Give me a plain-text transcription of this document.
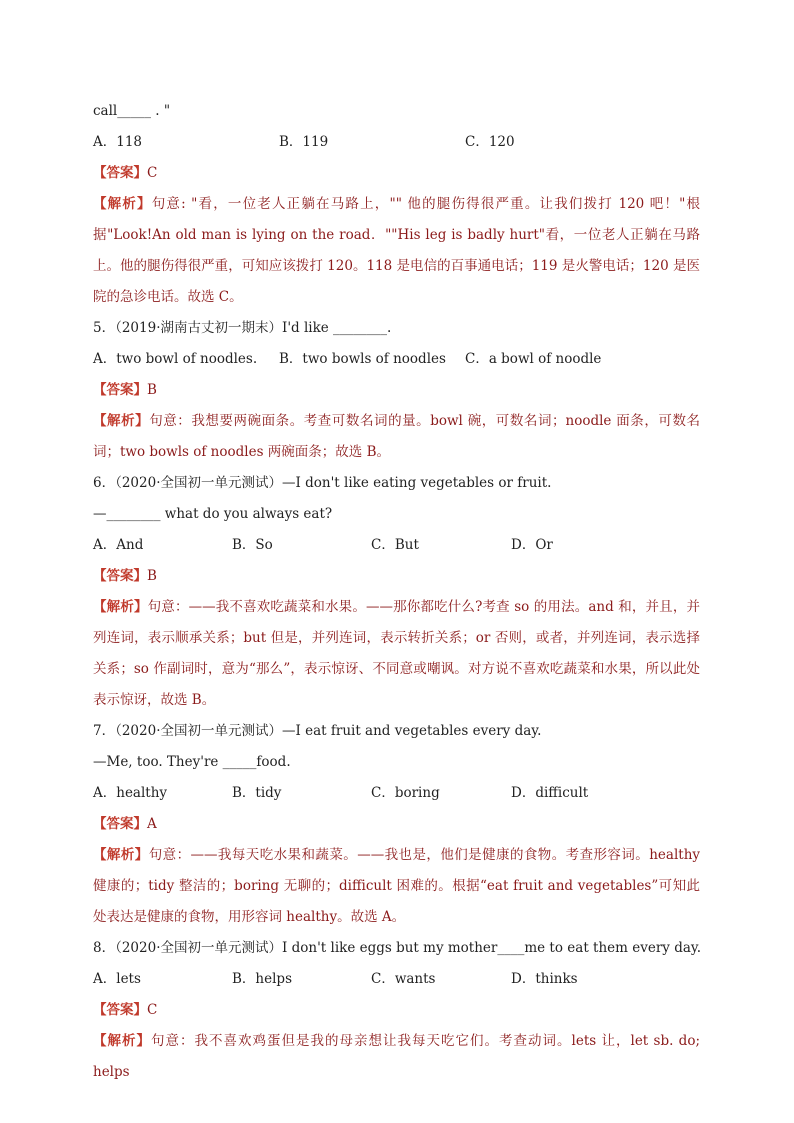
call_____ . "
A．118	B．119	C．120
【答案】C
【解析】句意: "看，一位老人正躺在马路上，"" 他的腿伤得很严重。让我们拨打 120 吧！"根据"Look!An old man is lying on the road．""His leg is badly hurt"看，一位老人正躺在马路上。他的腿伤得很严重，可知应该拨打 120。118 是电信的百事通电话；119 是火警电话；120 是医院的急诊电话。故选 C。
5．（2019·湖南古丈初一期末）I'd like ________.
A．two bowl of noodles.	B．two bowls of noodles	C．a bowl of noodle
【答案】B
【解析】句意：我想要两碗面条。考查可数名词的量。bowl 碗，可数名词；noodle 面条，可数名词；two bowls of noodles 两碗面条；故选 B。
6．（2020·全国初一单元测试）—I don't like eating vegetables or fruit.
—________ what do you always eat?
A．And	B．So	C．But	D．Or
【答案】B
【解析】句意：——我不喜欢吃蔬菜和水果。——那你都吃什么?考查 so 的用法。and 和，并且，并列连词，表示顺承关系；but 但是，并列连词，表示转折关系；or 否则，或者，并列连词，表示选择关系；so 作副词时，意为“那么”，表示惊讶、不同意或嘲讽。对方说不喜欢吃蔬菜和水果，所以此处表示惊讶，故选 B。
7．（2020·全国初一单元测试）—I eat fruit and vegetables every day.
—Me, too. They're _____food.
A．healthy	B．tidy	C．boring	D．difficult
【答案】A
【解析】句意：——我每天吃水果和蔬菜。——我也是，他们是健康的食物。考查形容词。healthy 健康的；tidy 整洁的；boring 无聊的；difficult 困难的。根据“eat fruit and vegetables”可知此处表达是健康的食物，用形容词 healthy。故选 A。
8．（2020·全国初一单元测试）I don't like eggs but my mother____me to eat them every day.
A．lets	B．helps	C．wants	D．thinks
【答案】C
【解析】句意：我不喜欢鸡蛋但是我的母亲想让我每天吃它们。考查动词。lets 让，let sb. do; helps
